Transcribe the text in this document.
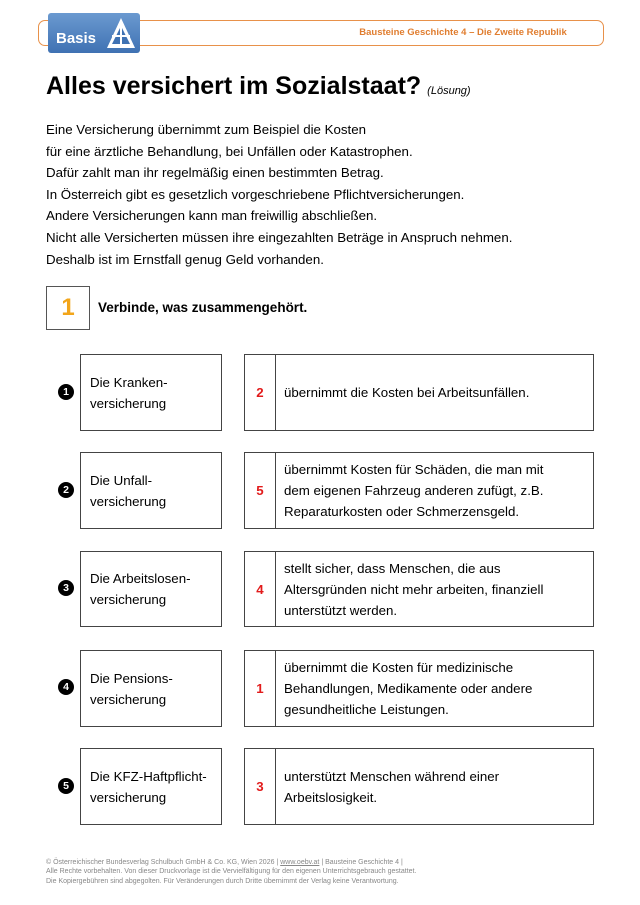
Bausteine Geschichte 4 – Die Zweite Republik
Basis
Alles versichert im Sozialstaat? (Lösung)
Eine Versicherung übernimmt zum Beispiel die Kosten
für eine ärztliche Behandlung, bei Unfällen oder Katastrophen.
Dafür zahlt man ihr regelmäßig einen bestimmten Betrag.
In Österreich gibt es gesetzlich vorgeschriebene Pflichtversicherungen.
Andere Versicherungen kann man freiwillig abschließen.
Nicht alle Versicherten müssen ihre eingezahlten Beträge in Anspruch nehmen.
Deshalb ist im Ernstfall genug Geld vorhanden.
1	Verbinde, was zusammengehört.
1
Die Kranken-
versicherung
2	übernimmt die Kosten bei Arbeitsunfällen.
2
Die Unfall-
versicherung
5
übernimmt Kosten für Schäden, die man mit
dem eigenen Fahrzeug anderen zufügt, z.B.
Reparaturkosten oder Schmerzensgeld.
3
Die Arbeitslosen-
versicherung
4
stellt sicher, dass Menschen, die aus
Altersgründen nicht mehr arbeiten, finanziell
unterstützt werden.
4
Die Pensions-
versicherung
1
übernimmt die Kosten für medizinische
Behandlungen, Medikamente oder andere
gesundheitliche Leistungen.
5
Die KFZ-Haftpflicht-
versicherung
3
unterstützt Menschen während einer
Arbeitslosigkeit.
© Österreichischer Bundesverlag Schulbuch GmbH & Co. KG, Wien 2026 | www.oebv.at | Bausteine Geschichte 4 |
Alle Rechte vorbehalten. Von dieser Druckvorlage ist die Vervielfältigung für den eigenen Unterrichtsgebrauch gestattet.
Die Kopiergebühren sind abgegolten. Für Veränderungen durch Dritte übernimmt der Verlag keine Verantwortung.
